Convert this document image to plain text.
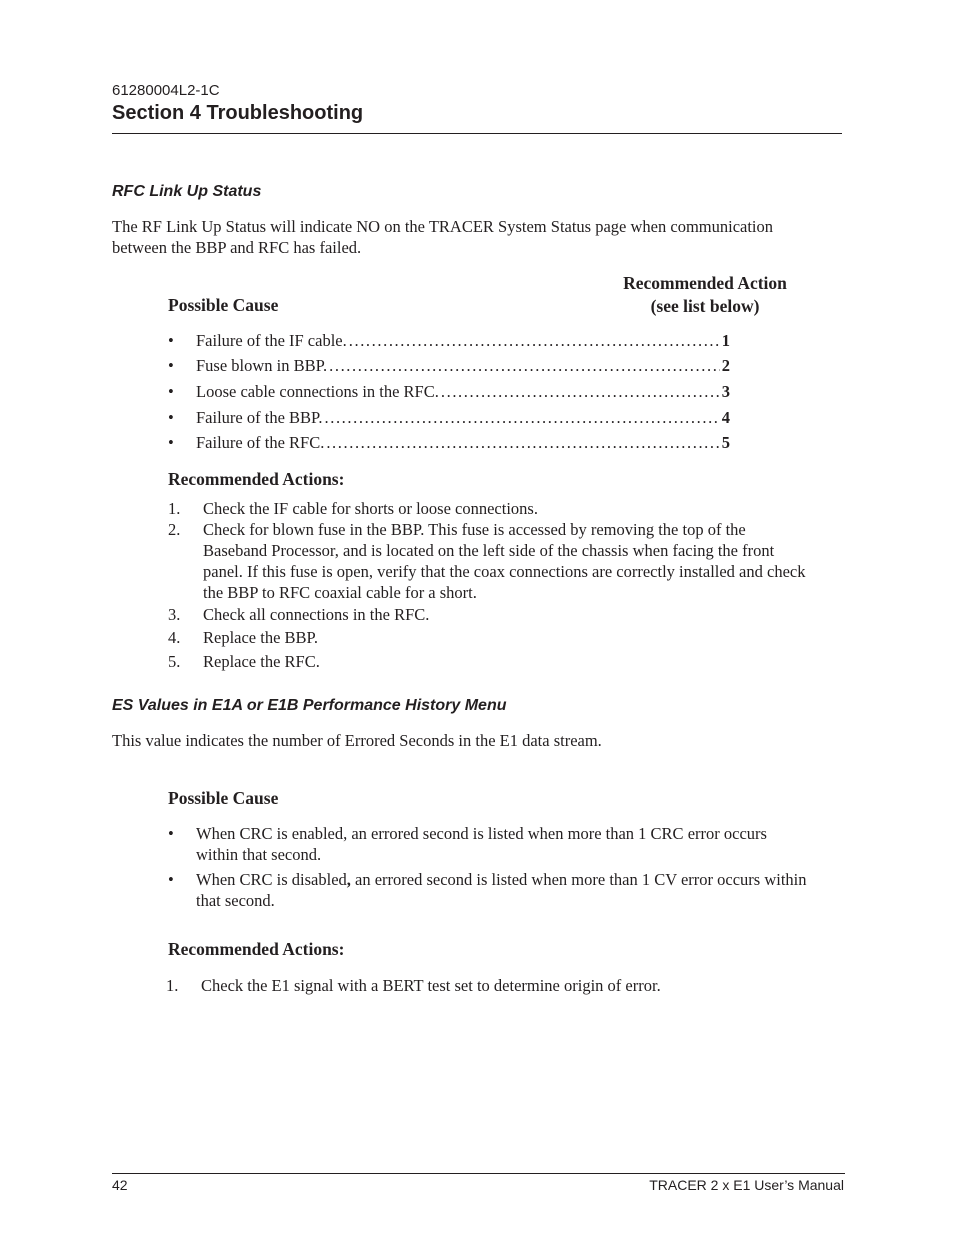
61280004L2-1C
Section 4 Troubleshooting
RFC Link Up Status
The RF Link Up Status will indicate NO on the TRACER System Status page when communication
between the BBP and RFC has failed.
Possible Cause
Recommended Action
(see list below)
• Failure of the IF cable. .....	1
• Fuse blown in BBP. .....	2
• Loose cable connections in the RFC. .....	3
• Failure of the BBP. .....	4
• Failure of the RFC. .....	5
Recommended Actions:
1. Check the IF cable for shorts or loose connections.
2. Check for blown fuse in the BBP. This fuse is accessed by removing the top of the
Baseband Processor, and is located on the left side of the chassis when facing the front
panel. If this fuse is open, verify that the coax connections are correctly installed and check
the BBP to RFC coaxial cable for a short.
3. Check all connections in the RFC.
4. Replace the BBP.
5. Replace the RFC.
ES Values in E1A or E1B Performance History Menu
This value indicates the number of Errored Seconds in the E1 data stream.
Possible Cause
• When CRC is enabled, an errored second is listed when more than 1 CRC error occurs
within that second.
• When CRC is disabled, an errored second is listed when more than 1 CV error occurs within
that second.
Recommended Actions:
1. Check the E1 signal with a BERT test set to determine origin of error.
42	TRACER 2 x E1 User’s Manual
